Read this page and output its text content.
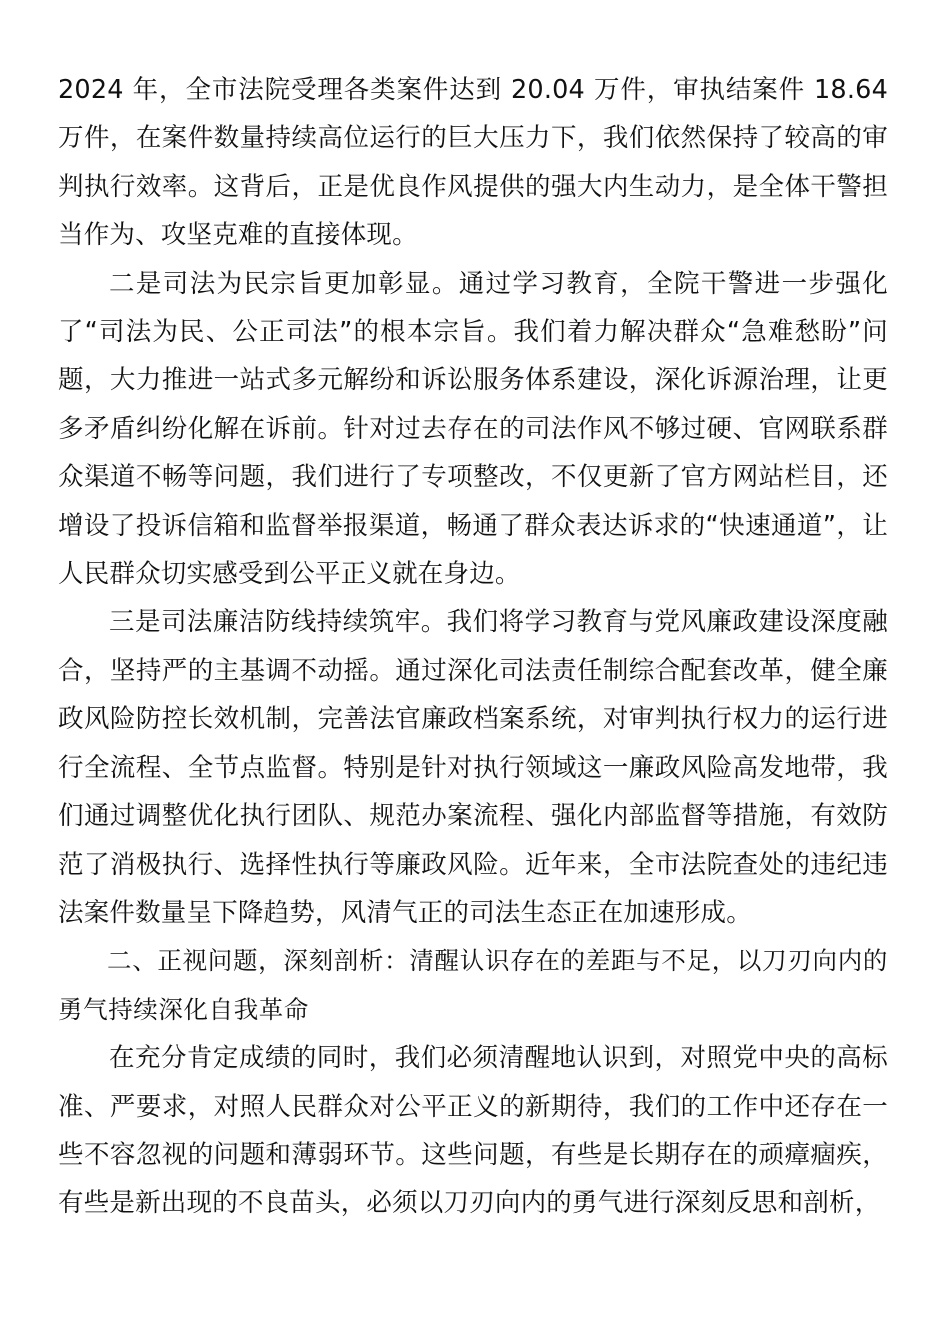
2024 年，全市法院受理各类案件达到 20.04 万件，审执结案件 18.64 万件，在案件数量持续高位运行的巨大压力下，我们依然保持了较高的审判执行效率。这背后，正是优良作风提供的强大内生动力，是全体干警担当作为、攻坚克难的直接体现。

二是司法为民宗旨更加彰显。通过学习教育，全院干警进一步强化了“司法为民、公正司法”的根本宗旨。我们着力解决群众“急难愁盼”问题，大力推进一站式多元解纷和诉讼服务体系建设，深化诉源治理，让更多矛盾纠纷化解在诉前。针对过去存在的司法作风不够过硬、官网联系群众渠道不畅等问题，我们进行了专项整改，不仅更新了官方网站栏目，还增设了投诉信箱和监督举报渠道，畅通了群众表达诉求的“快速通道”，让人民群众切实感受到公平正义就在身边。

三是司法廉洁防线持续筑牢。我们将学习教育与党风廉政建设深度融合，坚持严的主基调不动摇。通过深化司法责任制综合配套改革，健全廉政风险防控长效机制，完善法官廉政档案系统，对审判执行权力的运行进行全流程、全节点监督。特别是针对执行领域这一廉政风险高发地带，我们通过调整优化执行团队、规范办案流程、强化内部监督等措施，有效防范了消极执行、选择性执行等廉政风险。近年来，全市法院查处的违纪违法案件数量呈下降趋势，风清气正的司法生态正在加速形成。

二、正视问题，深刻剖析：清醒认识存在的差距与不足，以刀刃向内的勇气持续深化自我革命

在充分肯定成绩的同时，我们必须清醒地认识到，对照党中央的高标准、严要求，对照人民群众对公平正义的新期待，我们的工作中还存在一些不容忽视的问题和薄弱环节。这些问题，有些是长期存在的顽瘴痼疾，有些是新出现的不良苗头，必须以刀刃向内的勇气进行深刻反思和剖析，
